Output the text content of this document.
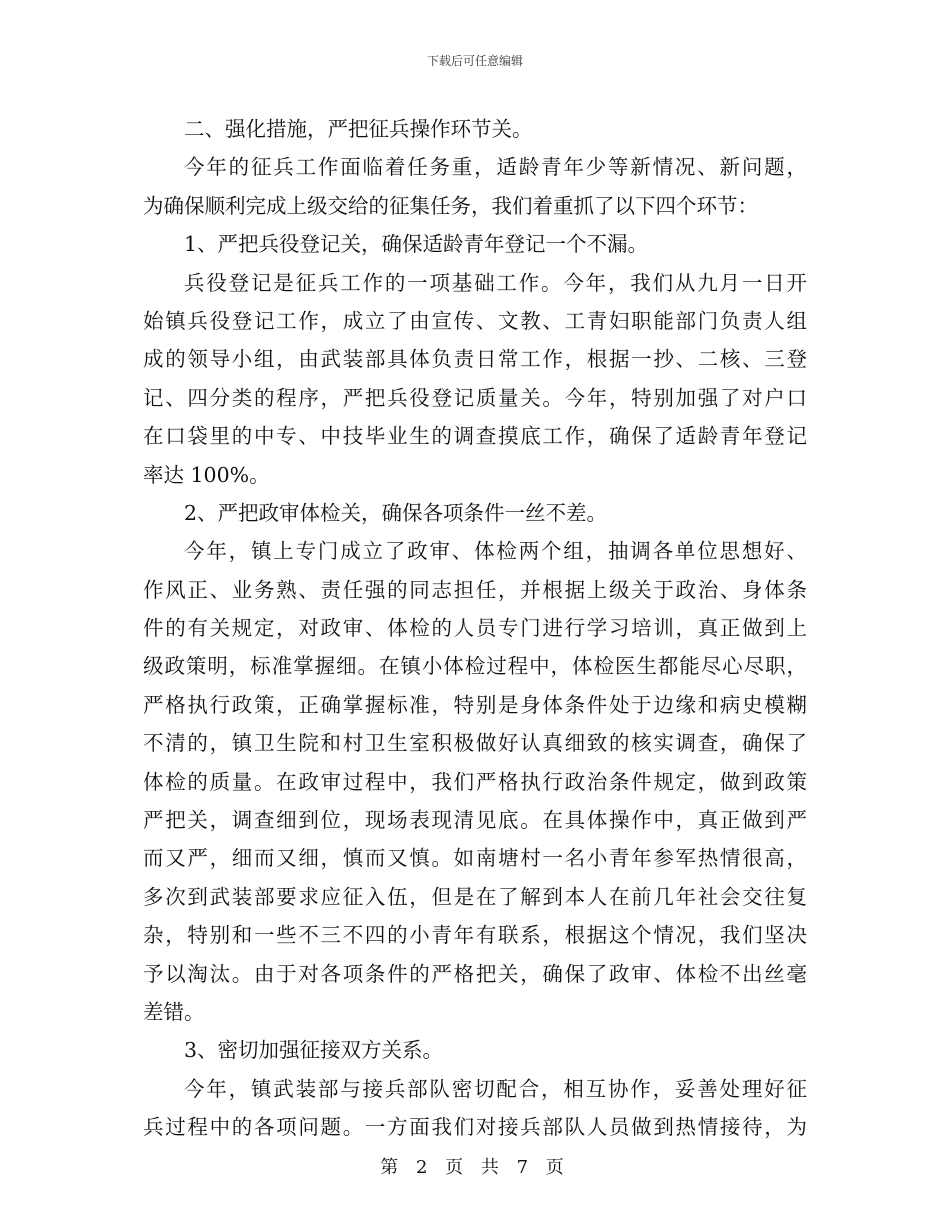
下载后可任意编辑
二、强化措施，严把征兵操作环节关。
今年的征兵工作面临着任务重，适龄青年少等新情况、新问题，
为确保顺利完成上级交给的征集任务，我们着重抓了以下四个环节：
1、严把兵役登记关，确保适龄青年登记一个不漏。
兵役登记是征兵工作的一项基础工作。今年，我们从九月一日开
始镇兵役登记工作，成立了由宣传、文教、工青妇职能部门负责人组
成的领导小组，由武装部具体负责日常工作，根据一抄、二核、三登
记、四分类的程序，严把兵役登记质量关。今年，特别加强了对户口
在口袋里的中专、中技毕业生的调查摸底工作，确保了适龄青年登记
率达 100%。
2、严把政审体检关，确保各项条件一丝不差。
今年，镇上专门成立了政审、体检两个组，抽调各单位思想好、
作风正、业务熟、责任强的同志担任，并根据上级关于政治、身体条
件的有关规定，对政审、体检的人员专门进行学习培训，真正做到上
级政策明，标准掌握细。在镇小体检过程中，体检医生都能尽心尽职，
严格执行政策，正确掌握标准，特别是身体条件处于边缘和病史模糊
不清的，镇卫生院和村卫生室积极做好认真细致的核实调查，确保了
体检的质量。在政审过程中，我们严格执行政治条件规定，做到政策
严把关，调查细到位，现场表现清见底。在具体操作中，真正做到严
而又严，细而又细，慎而又慎。如南塘村一名小青年参军热情很高，
多次到武装部要求应征入伍，但是在了解到本人在前几年社会交往复
杂，特别和一些不三不四的小青年有联系，根据这个情况，我们坚决
予以淘汰。由于对各项条件的严格把关，确保了政审、体检不出丝毫
差错。
3、密切加强征接双方关系。
今年，镇武装部与接兵部队密切配合，相互协作，妥善处理好征
兵过程中的各项问题。一方面我们对接兵部队人员做到热情接待，为
第 2 页 共 7 页
